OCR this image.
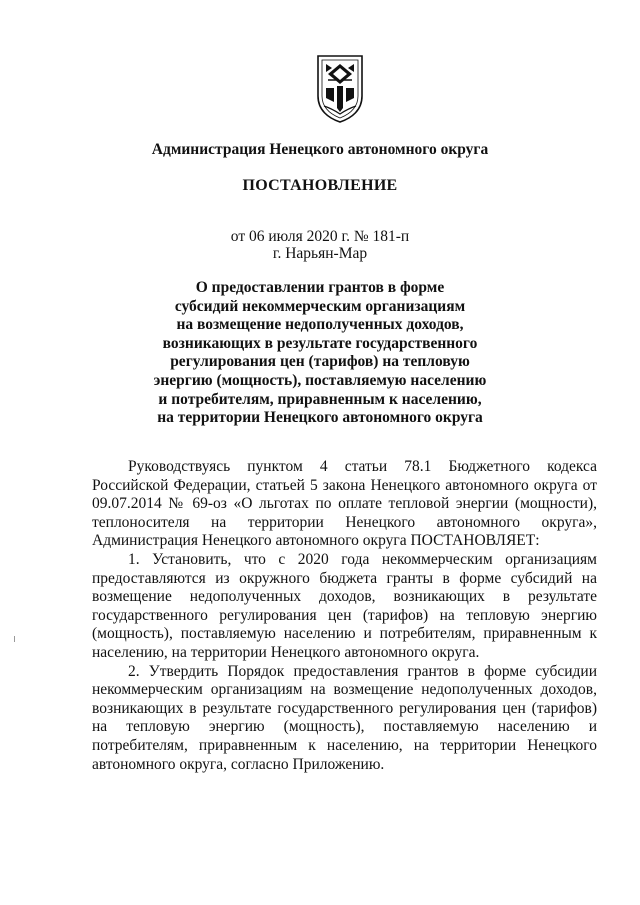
Администрация Ненецкого автономного округа
ПОСТАНОВЛЕНИЕ
от 06 июля 2020 г. № 181-п
г. Нарьян-Мар
О предоставлении грантов в форме
субсидий некоммерческим организациям
на возмещение недополученных доходов,
возникающих в результате государственного
регулирования цен (тарифов) на тепловую
энергию (мощность), поставляемую населению
и потребителям, приравненным к населению,
на территории Ненецкого автономного округа

Руководствуясь пунктом 4 статьи 78.1 Бюджетного кодекса Российской Федерации, статьей 5 закона Ненецкого автономного округа от 09.07.2014 № 69-оз «О льготах по оплате тепловой энергии (мощности), теплоносителя на территории Ненецкого автономного округа», Администрация Ненецкого автономного округа ПОСТАНОВЛЯЕТ:

1. Установить, что с 2020 года некоммерческим организациям предоставляются из окружного бюджета гранты в форме субсидий на возмещение недополученных доходов, возникающих в результате государственного регулирования цен (тарифов) на тепловую энергию (мощность), поставляемую населению и потребителям, приравненным к населению, на территории Ненецкого автономного округа.

2. Утвердить Порядок предоставления грантов в форме субсидии некоммерческим организациям на возмещение недополученных доходов, возникающих в результате государственного регулирования цен (тарифов) на тепловую энергию (мощность), поставляемую населению и потребителям, приравненным к населению, на территории Ненецкого автономного округа, согласно Приложению.
